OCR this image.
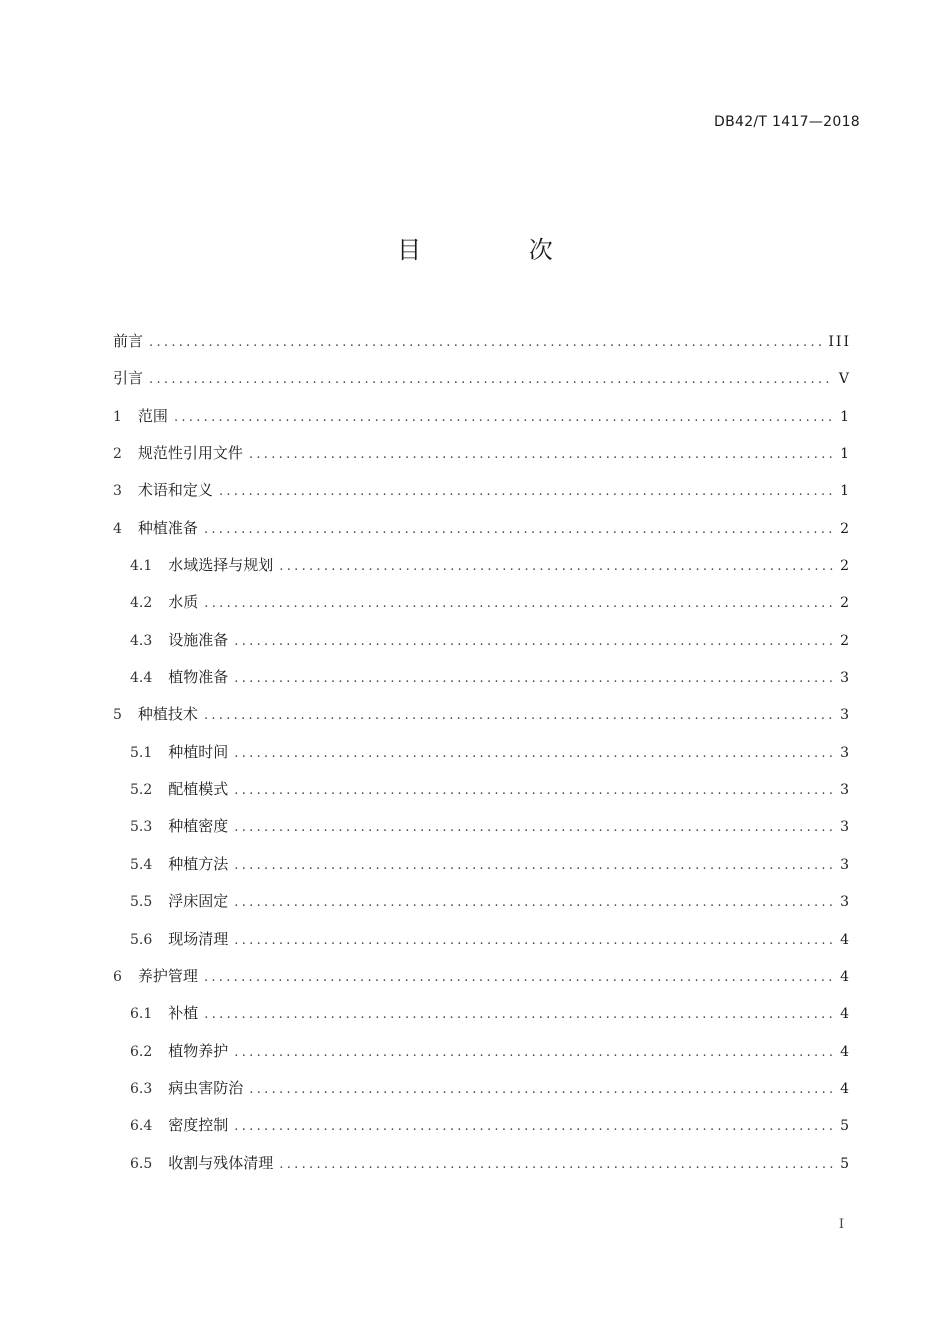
DB42/T 1417—2018
目 次
前言 .....	III
引言 .....	V
1 范围 .....	1
2 规范性引用文件 .....	1
3 术语和定义 .....	1
4 种植准备 .....	2
4.1 水域选择与规划 .....	2
4.2 水质 .....	2
4.3 设施准备 .....	2
4.4 植物准备 .....	3
5 种植技术 .....	3
5.1 种植时间 .....	3
5.2 配植模式 .....	3
5.3 种植密度 .....	3
5.4 种植方法 .....	3
5.5 浮床固定 .....	3
5.6 现场清理 .....	4
6 养护管理 .....	4
6.1 补植 .....	4
6.2 植物养护 .....	4
6.3 病虫害防治 .....	4
6.4 密度控制 .....	5
6.5 收割与残体清理 .....	5
I
